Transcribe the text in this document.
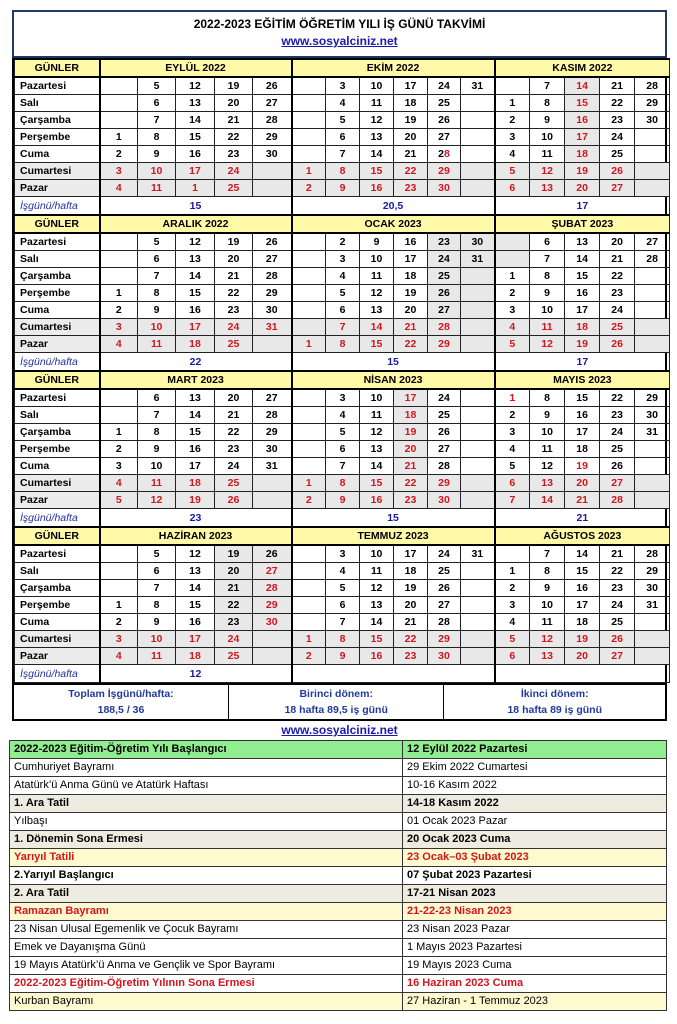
2022-2023 EĞİTİM ÖĞRETİM YILI İŞ GÜNÜ TAKVİMİ
www.sosyalciniz.net
GÜNLER	EYLÜL 2022					EKİM 2022						KASIM 2022				
Pazartesi		5	12	19	26		3	10	17	24	31		7	14	21	28
Salı		6	13	20	27		4	11	18	25		1	8	15	22	29
Çarşamba		7	14	21	28		5	12	19	26		2	9	16	23	30
Perşembe	1	8	15	22	29		6	13	20	27		3	10	17	24	
Cuma	2	9	16	23	30		7	14	21	28		4	11	18	25	
Cumartesi	3	10	17	24		1	8	15	22	29		5	12	19	26	
Pazar	4	11	1	25		2	9	16	23	30		6	13	20	27	
İşgünü/hafta	15					20,5						17				
GÜNLER	ARALIK 2022					OCAK 2023						ŞUBAT 2023				
Pazartesi		5	12	19	26		2	9	16	23	30		6	13	20	27
Salı		6	13	20	27		3	10	17	24	31		7	14	21	28
Çarşamba		7	14	21	28		4	11	18	25		1	8	15	22	
Perşembe	1	8	15	22	29		5	12	19	26		2	9	16	23	
Cuma	2	9	16	23	30		6	13	20	27		3	10	17	24	
Cumartesi	3	10	17	24	31		7	14	21	28		4	11	18	25	
Pazar	4	11	18	25		1	8	15	22	29		5	12	19	26	
İşgünü/hafta	22					15						17				
GÜNLER	MART 2023					NİSAN 2023						MAYIS 2023				
Pazartesi		6	13	20	27		3	10	17	24		1	8	15	22	29
Salı		7	14	21	28		4	11	18	25		2	9	16	23	30
Çarşamba	1	8	15	22	29		5	12	19	26		3	10	17	24	31
Perşembe	2	9	16	23	30		6	13	20	27		4	11	18	25	
Cuma	3	10	17	24	31		7	14	21	28		5	12	19	26	
Cumartesi	4	11	18	25		1	8	15	22	29		6	13	20	27	
Pazar	5	12	19	26		2	9	16	23	30		7	14	21	28	
İşgünü/hafta	23					15						21				
GÜNLER	HAZİRAN 2023					TEMMUZ 2023						AĞUSTOS 2023				
Pazartesi		5	12	19	26		3	10	17	24	31		7	14	21	28
Salı		6	13	20	27		4	11	18	25		1	8	15	22	29
Çarşamba		7	14	21	28		5	12	19	26		2	9	16	23	30
Perşembe	1	8	15	22	29		6	13	20	27		3	10	17	24	31
Cuma	2	9	16	23	30		7	14	21	28		4	11	18	25	
Cumartesi	3	10	17	24		1	8	15	22	29		5	12	19	26	
Pazar	4	11	18	25		2	9	16	23	30		6	13	20	27	
İşgünü/hafta	12															
Toplam İşgünü/hafta:
188,5 / 36

Birinci dönem:
18 hafta 89,5 iş günü

İkinci dönem:
18 hafta 89 iş günü
www.sosyalciniz.net
2022-2023 Eğitim-Öğretim Yılı Başlangıcı	12 Eylül 2022 Pazartesi
Cumhuriyet Bayramı	29 Ekim 2022 Cumartesi
Atatürk’ü Anma Günü ve Atatürk Haftası	10-16 Kasım 2022
1. Ara Tatil	14-18 Kasım 2022
Yılbaşı	01 Ocak 2023 Pazar
1. Dönemin Sona Ermesi	20 Ocak 2023 Cuma
Yarıyıl Tatili	23 Ocak–03 Şubat 2023
2.Yarıyıl Başlangıcı	07 Şubat 2023 Pazartesi
2. Ara Tatil	17-21 Nisan 2023
Ramazan Bayramı	21-22-23 Nisan 2023
23 Nisan Ulusal Egemenlik ve Çocuk Bayramı	23 Nisan 2023 Pazar
Emek ve Dayanışma Günü	1 Mayıs 2023 Pazartesi
19 Mayıs Atatürk’ü Anma ve Gençlik ve Spor Bayramı	19 Mayıs 2023 Cuma
2022-2023 Eğitim-Öğretim Yılının Sona Ermesi	16 Haziran 2023 Cuma
Kurban Bayramı	27 Haziran - 1 Temmuz 2023
